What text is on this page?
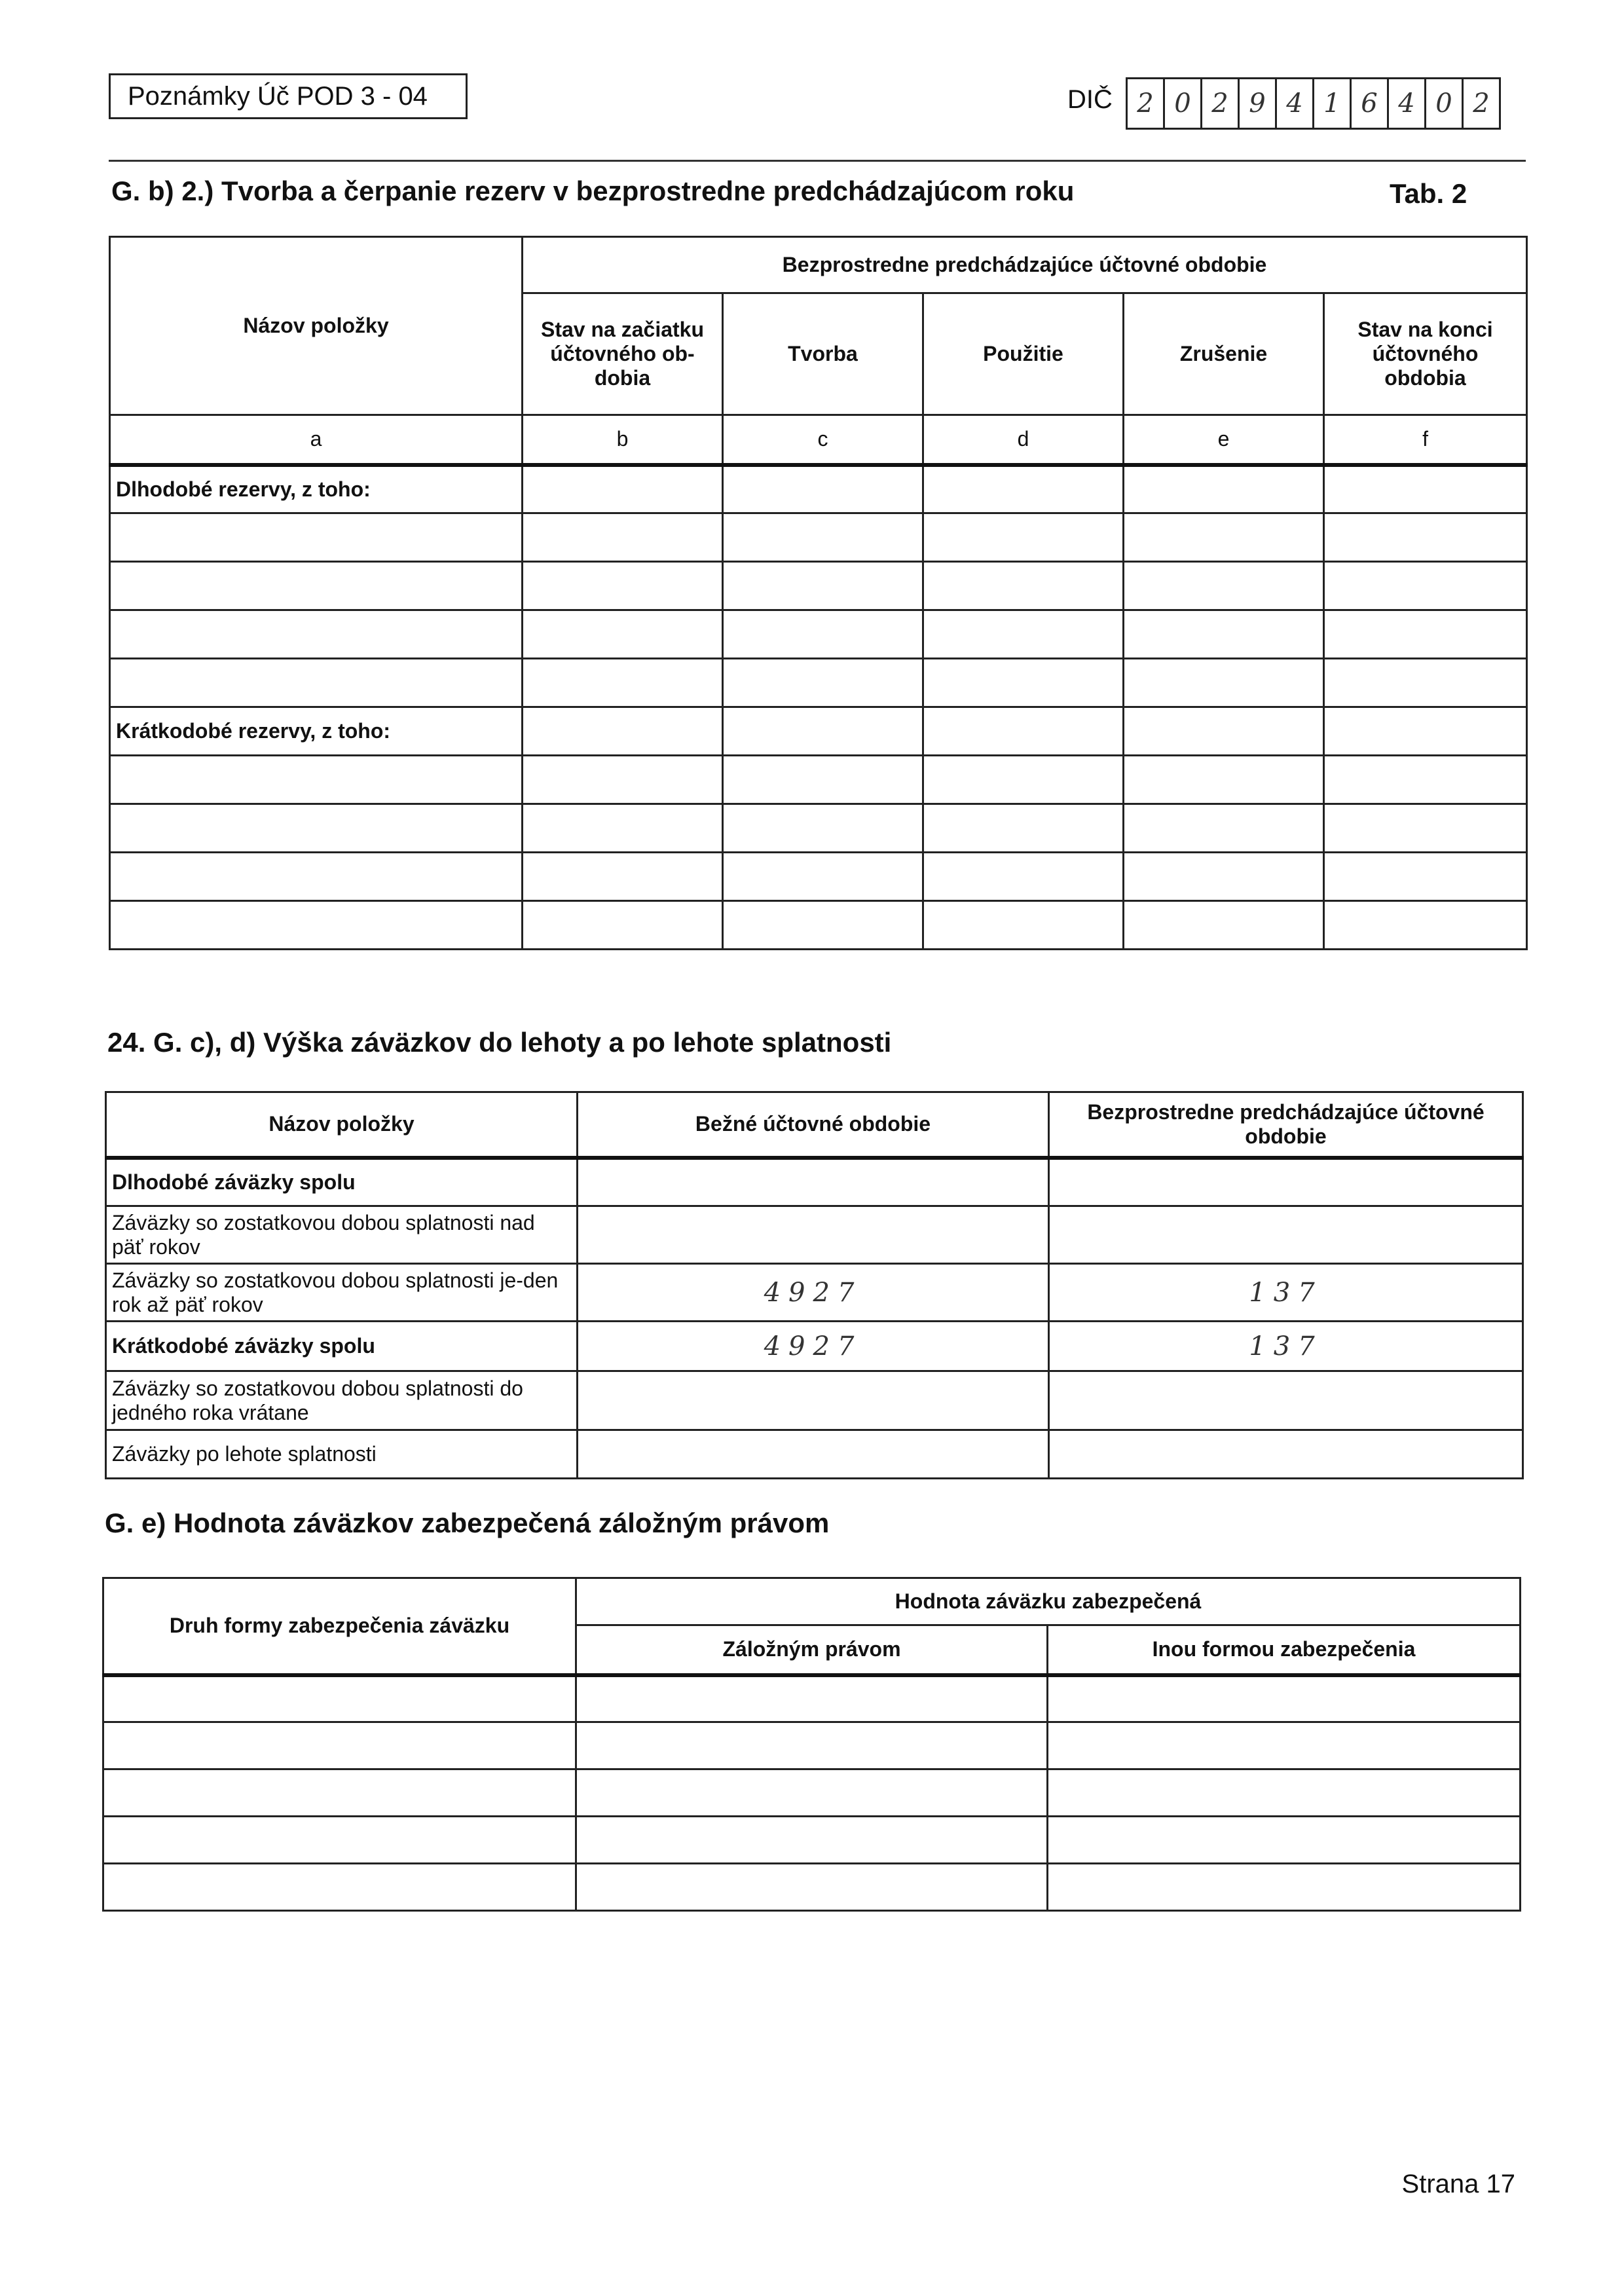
Poznámky Úč POD 3 - 04	DIČ 2 0 2 9 4 1 6 4 0 2
G. b) 2.) Tvorba a čerpanie rezerv v bezprostredne predchádzajúcom roku	Tab. 2
Názov položky	Bezprostredne predchádzajúce účtovné obdobie				
	Stav na začiatku účtovného ob-dobia	Tvorba	Použitie	Zrušenie	Stav na konci účtovného obdobia
a	b	c	d	e	f
Dlhodobé rezervy, z toho:					

Krátkodobé rezervy, z toho:					

24. G. c), d) Výška záväzkov do lehoty a po lehote splatnosti
Názov položky	Bežné účtovné obdobie	Bezprostredne predchádzajúce účtovné obdobie
Dlhodobé záväzky spolu		
Záväzky so zostatkovou dobou splatnosti nad päť rokov		
Záväzky so zostatkovou dobou splatnosti je-den rok až päť rokov	4927	137
Krátkodobé záväzky spolu	4927	137
Záväzky so zostatkovou dobou splatnosti do jedného roka vrátane		
Záväzky po lehote splatnosti		
G. e) Hodnota záväzkov zabezpečená záložným právom
Druh formy zabezpečenia záväzku	Hodnota záväzku zabezpečená	
	Záložným právom	Inou formou zabezpečenia

Strana 17
